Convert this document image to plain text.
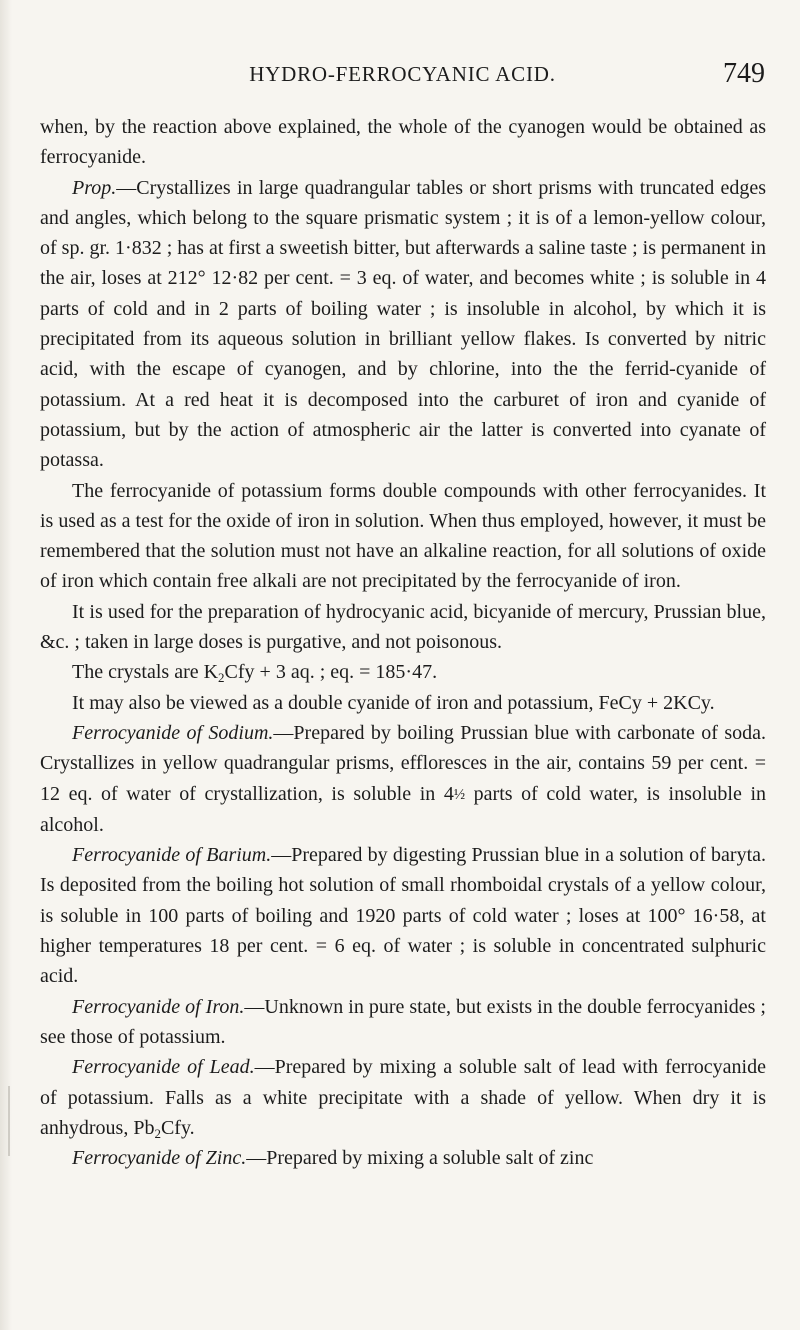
HYDRO-FERROCYANIC ACID.	749

when, by the reaction above explained, the whole of the cyanogen would be obtained as ferrocyanide.

Prop.—Crystallizes in large quadrangular tables or short prisms with truncated edges and angles, which belong to the square prismatic system ; it is of a lemon-yellow colour, of sp. gr. 1·832 ; has at first a sweetish bitter, but afterwards a saline taste ; is permanent in the air, loses at 212° 12·82 per cent. = 3 eq. of water, and becomes white ; is soluble in 4 parts of cold and in 2 parts of boiling water ; is insoluble in alcohol, by which it is precipitated from its aqueous solution in brilliant yellow flakes. Is converted by nitric acid, with the escape of cyanogen, and by chlorine, into the the ferrid-cyanide of potassium. At a red heat it is decomposed into the carburet of iron and cyanide of potassium, but by the action of atmospheric air the latter is converted into cyanate of potassa.

The ferrocyanide of potassium forms double compounds with other ferrocyanides. It is used as a test for the oxide of iron in solution. When thus employed, however, it must be remembered that the solution must not have an alkaline reaction, for all solutions of oxide of iron which contain free alkali are not precipitated by the ferrocyanide of iron.

It is used for the preparation of hydrocyanic acid, bicyanide of mercury, Prussian blue, &c. ; taken in large doses is purgative, and not poisonous.

The crystals are $K_2Cfy + 3$ aq. ; eq. = 185·47.

It may also be viewed as a double cyanide of iron and potassium, FeCy + 2KCy.

Ferrocyanide of Sodium.—Prepared by boiling Prussian blue with carbonate of soda. Crystallizes in yellow quadrangular prisms, effloresces in the air, contains 59 per cent. = 12 eq. of water of crystallization, is soluble in 4½ parts of cold water, is insoluble in alcohol.

Ferrocyanide of Barium.—Prepared by digesting Prussian blue in a solution of baryta. Is deposited from the boiling hot solution of small rhomboidal crystals of a yellow colour, is soluble in 100 parts of boiling and 1920 parts of cold water ; loses at 100° 16·58, at higher temperatures 18 per cent. = 6 eq. of water ; is soluble in concentrated sulphuric acid.

Ferrocyanide of Iron.—Unknown in pure state, but exists in the double ferrocyanides ; see those of potassium.

Ferrocyanide of Lead.—Prepared by mixing a soluble salt of lead with ferrocyanide of potassium. Falls as a white precipitate with a shade of yellow. When dry it is anhydrous, $Pb_2Cfy$.

Ferrocyanide of Zinc.—Prepared by mixing a soluble salt of zinc
